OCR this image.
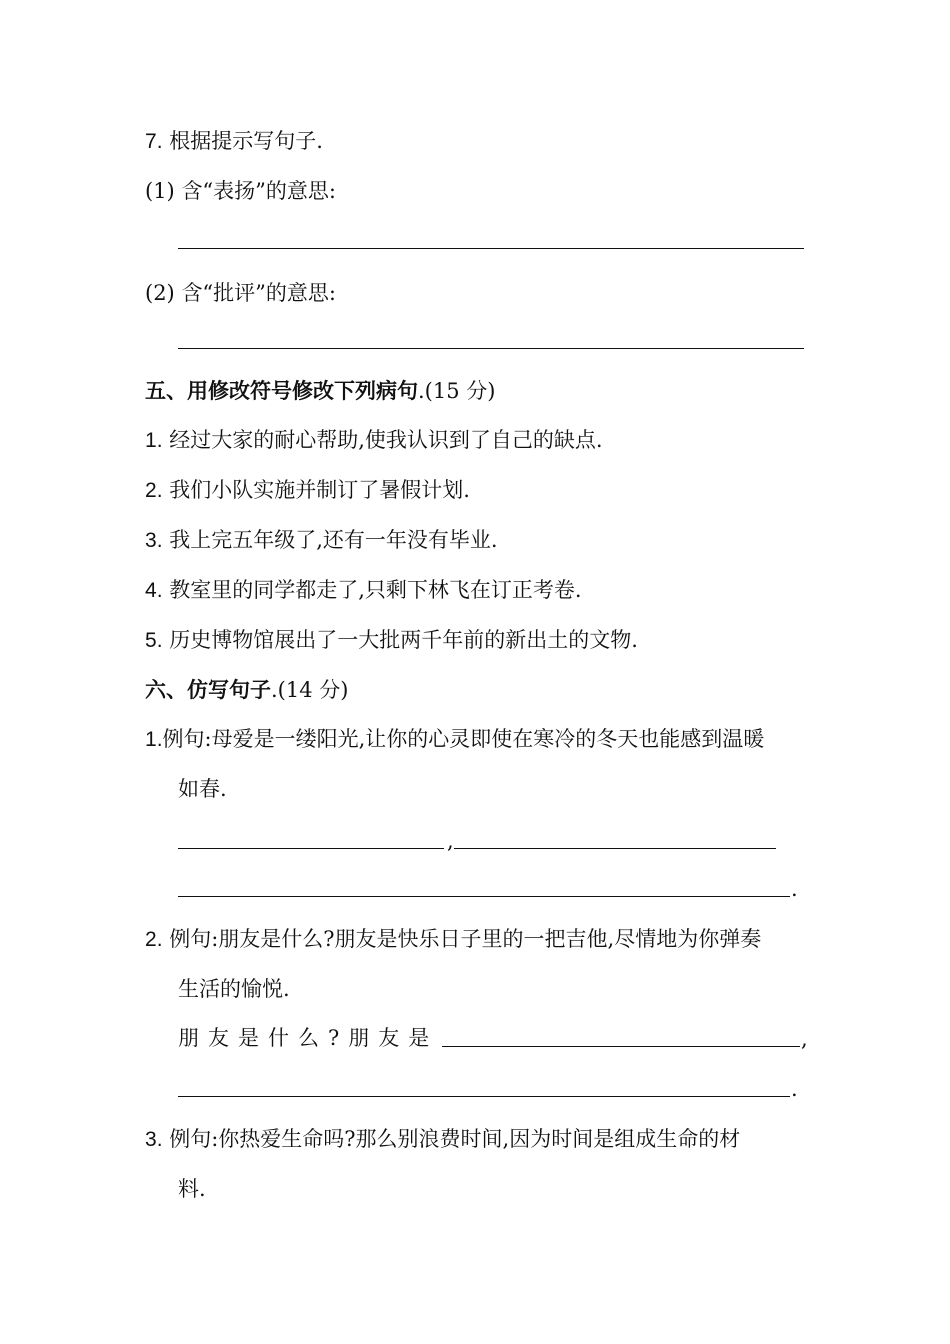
7. 根据提示写句子.
(1) 含“表扬”的意思:
(2) 含“批评”的意思:
五、用修改符号修改下列病句.(15 分)
1. 经过大家的耐心帮助,使我认识到了自己的缺点.
2. 我们小队实施并制订了暑假计划.
3. 我上完五年级了,还有一年没有毕业.
4. 教室里的同学都走了,只剩下林飞在订正考卷.
5. 历史博物馆展出了一大批两千年前的新出土的文物.
六、仿写句子.(14 分)
1.例句:母爱是一缕阳光,让你的心灵即使在寒冷的冬天也能感到温暖
如春.
,
.
2. 例句:朋友是什么?朋友是快乐日子里的一把吉他,尽情地为你弹奏
生活的愉悦.
朋友是什么?朋友是	,
.
3. 例句:你热爱生命吗?那么别浪费时间,因为时间是组成生命的材
料.
